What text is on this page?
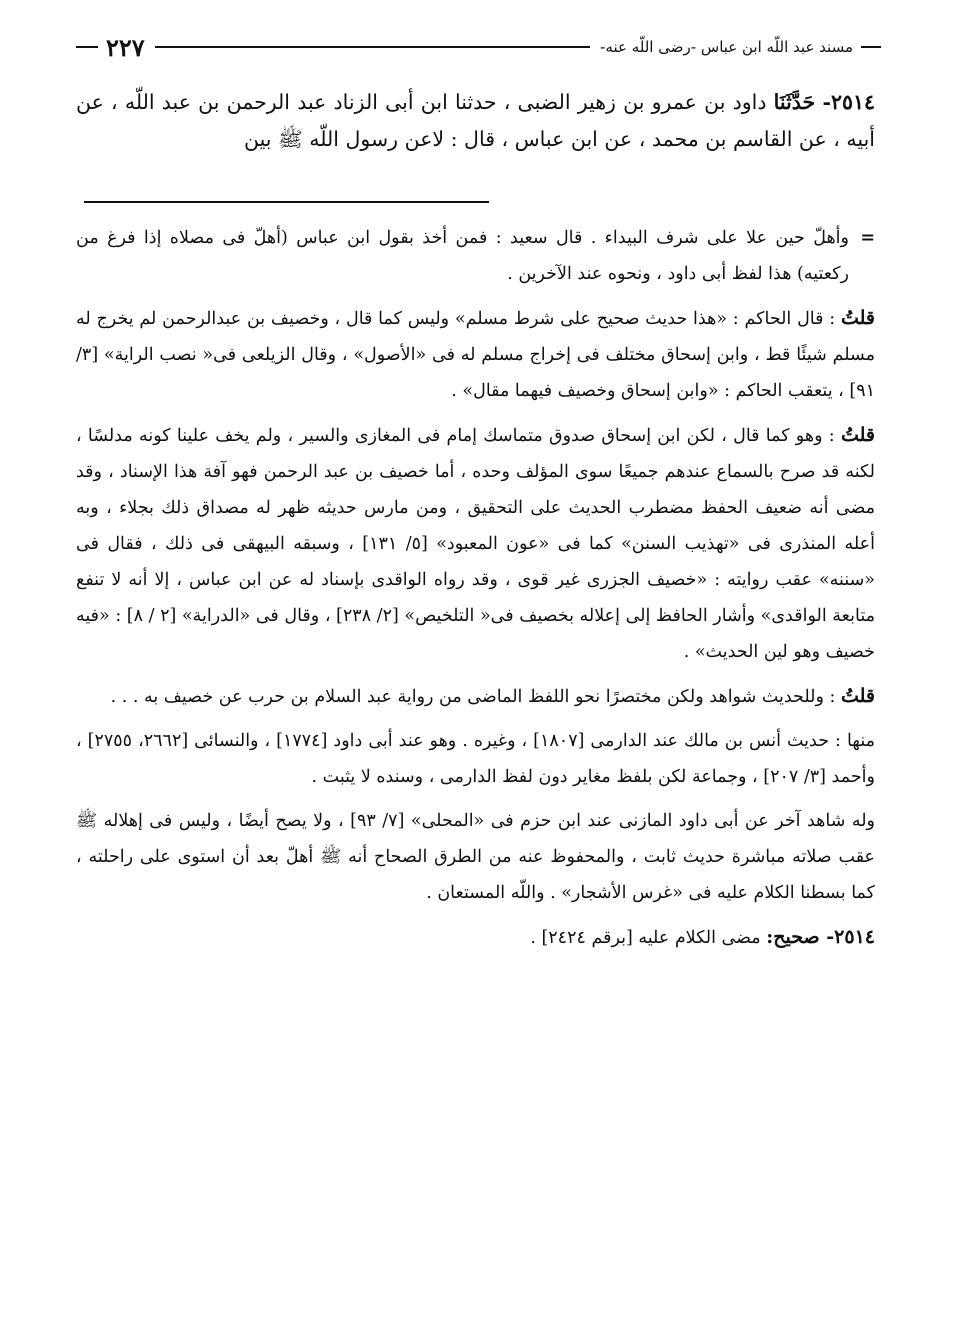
مسند عبد اللّه ابن عباس -رضى اللّه عنه-
٢٢٧
٢٥١٤- حَدَّثَنَا داود بن عمرو بن زهير الضبى ، حدثنا ابن أبى الزناد عبد الرحمن بن عبد اللّه ، عن أبيه ، عن القاسم بن محمد ، عن ابن عباس ، قال : لاعن رسول اللّه ﷺ بين

=
وأهلّ حين علا على شرف البيداء . قال سعيد : فمن أخذ بقول ابن عباس (أهلّ فى مصلاه إذا فرغ من ركعتيه) هذا لفظ أبى داود ، ونحوه عند الآخرين .

قلتُ : قال الحاكم : «هذا حديث صحيح على شرط مسلم» وليس كما قال ، وخصيف بن عبدالرحمن لم يخرج له مسلم شيئًا قط ، وابن إسحاق مختلف فى إخراج مسلم له فى «الأصول» ، وقال الزيلعى فى« نصب الراية» [٣/ ٩١] ، يتعقب الحاكم : «وابن إسحاق وخصيف فيهما مقال» .

قلتُ : وهو كما قال ، لكن ابن إسحاق صدوق متماسك إمام فى المغازى والسير ، ولم يخف علينا كونه مدلسًا ، لكنه قد صرح بالسماع عندهم جميعًا سوى المؤلف وحده ، أما خصيف بن عبد الرحمن فهو آفة هذا الإسناد ، وقد مضى أنه ضعيف الحفظ مضطرب الحديث على التحقيق ، ومن مارس حديثه ظهر له مصداق ذلك بجلاء ، وبه أعله المنذرى فى «تهذيب السنن» كما فى «عون المعبود» [٥/ ١٣١] ، وسبقه البيهقى فى ذلك ، فقال فى «سننه» عقب روايته : «خصيف الجزرى غير قوى ، وقد رواه الواقدى بإسناد له عن ابن عباس ، إلا أنه لا تنفع متابعة الواقدى» وأشار الحافظ إلى إعلاله بخصيف فى« التلخيص» [٢/ ٢٣٨] ، وقال فى «الدراية» [٢ / ٨] : «فيه خصيف وهو لين الحديث» .

قلتُ : وللحديث شواهد ولكن مختصرًا نحو اللفظ الماضى من رواية عبد السلام بن حرب عن خصيف به . . .

منها : حديث أنس بن مالك عند الدارمى [١٨٠٧] ، وغيره . وهو عند أبى داود [١٧٧٤] ، والنسائى [٢٦٦٢، ٢٧٥٥] ، وأحمد [٣/ ٢٠٧] ، وجماعة لكن بلفظ مغاير دون لفظ الدارمى ، وسنده لا يثبت .

وله شاهد آخر عن أبى داود المازنى عند ابن حزم فى «المحلى» [٧/ ٩٣] ، ولا يصح أيضًا ، وليس فى إهلاله ﷺ عقب صلاته مباشرة حديث ثابت ، والمحفوظ عنه من الطرق الصحاح أنه ﷺ أهلّ بعد أن استوى على راحلته ، كما بسطنا الكلام عليه فى «غرس الأشجار» . واللّه المستعان .

٢٥١٤- صحيح: مضى الكلام عليه [برقم ٢٤٢٤] .
